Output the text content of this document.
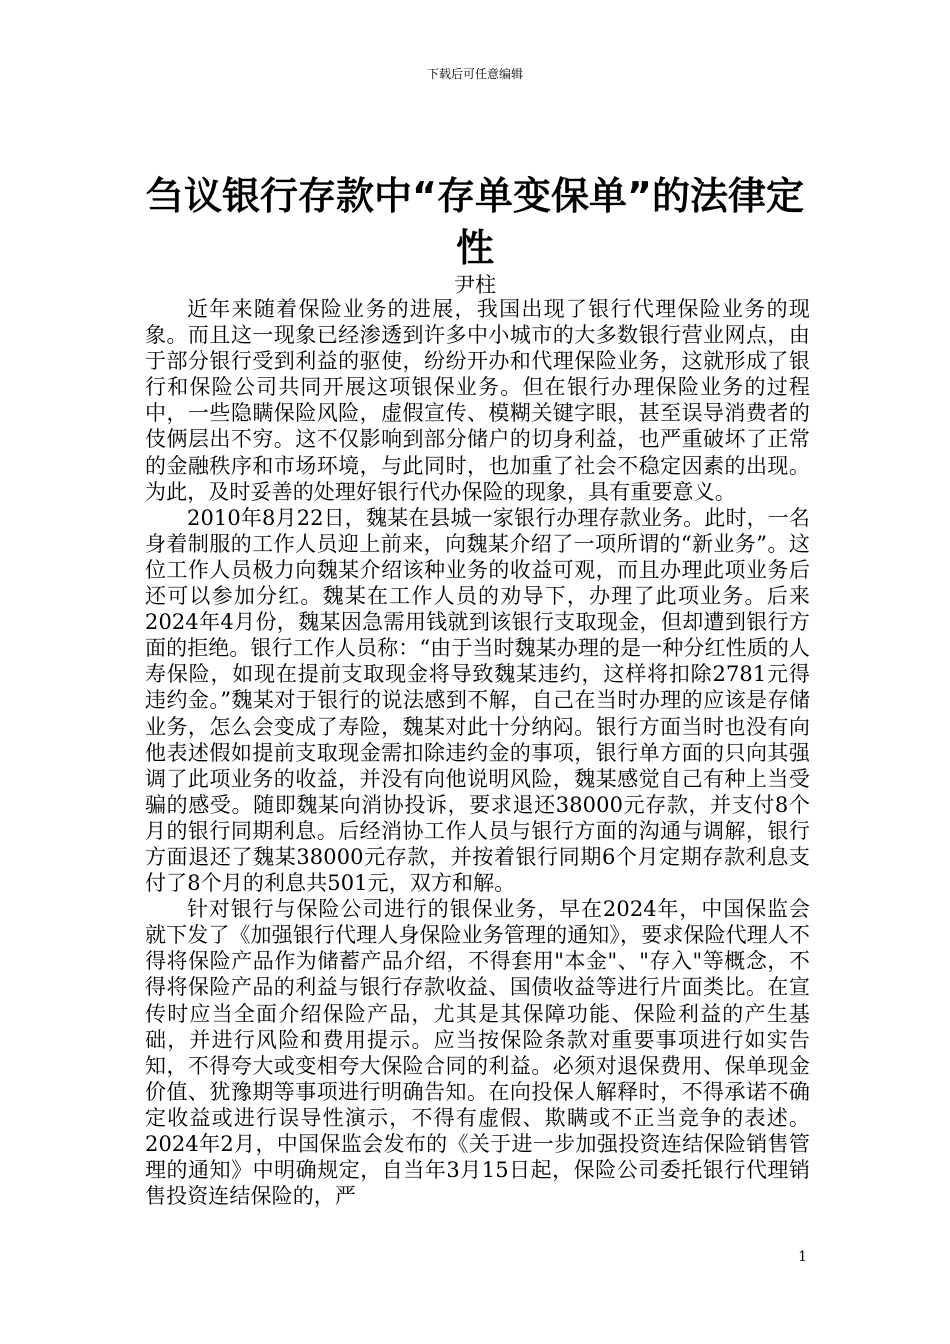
下载后可任意编辑
刍议银行存款中“存单变保单”的法律定性
尹柱

近年来随着保险业务的进展，我国出现了银行代理保险业务的现象。而且这一现象已经渗透到许多中小城市的大多数银行营业网点，由于部分银行受到利益的驱使，纷纷开办和代理保险业务，这就形成了银行和保险公司共同开展这项银保业务。但在银行办理保险业务的过程中，一些隐瞒保险风险，虚假宣传、模糊关键字眼，甚至误导消费者的伎俩层出不穷。这不仅影响到部分储户的切身利益，也严重破坏了正常的金融秩序和市场环境，与此同时，也加重了社会不稳定因素的出现。为此，及时妥善的处理好银行代办保险的现象，具有重要意义。

2010年8月22日，魏某在县城一家银行办理存款业务。此时，一名身着制服的工作人员迎上前来，向魏某介绍了一项所谓的“新业务”。这位工作人员极力向魏某介绍该种业务的收益可观，而且办理此项业务后还可以参加分红。魏某在工作人员的劝导下，办理了此项业务。后来2024年4月份，魏某因急需用钱就到该银行支取现金，但却遭到银行方面的拒绝。银行工作人员称：“由于当时魏某办理的是一种分红性质的人寿保险，如现在提前支取现金将导致魏某违约，这样将扣除2781元得违约金。”魏某对于银行的说法感到不解，自己在当时办理的应该是存储业务，怎么会变成了寿险，魏某对此十分纳闷。银行方面当时也没有向他表述假如提前支取现金需扣除违约金的事项，银行单方面的只向其强调了此项业务的收益，并没有向他说明风险，魏某感觉自己有种上当受骗的感受。随即魏某向消协投诉，要求退还38000元存款，并支付8个月的银行同期利息。后经消协工作人员与银行方面的沟通与调解，银行方面退还了魏某38000元存款，并按着银行同期6个月定期存款利息支付了8个月的利息共501元，双方和解。

针对银行与保险公司进行的银保业务，早在2024年，中国保监会就下发了《加强银行代理人身保险业务管理的通知》，要求保险代理人不得将保险产品作为储蓄产品介绍，不得套用"本金"、"存入"等概念，不得将保险产品的利益与银行存款收益、国债收益等进行片面类比。在宣传时应当全面介绍保险产品，尤其是其保障功能、保险利益的产生基础，并进行风险和费用提示。应当按保险条款对重要事项进行如实告知，不得夸大或变相夸大保险合同的利益。必须对退保费用、保单现金价值、犹豫期等事项进行明确告知。在向投保人解释时，不得承诺不确定收益或进行误导性演示，不得有虚假、欺瞒或不正当竞争的表述。2024年2月，中国保监会发布的《关于进一步加强投资连结保险销售管理的通知》中明确规定，自当年3月15日起，保险公司委托银行代理销售投资连结保险的，严

1
